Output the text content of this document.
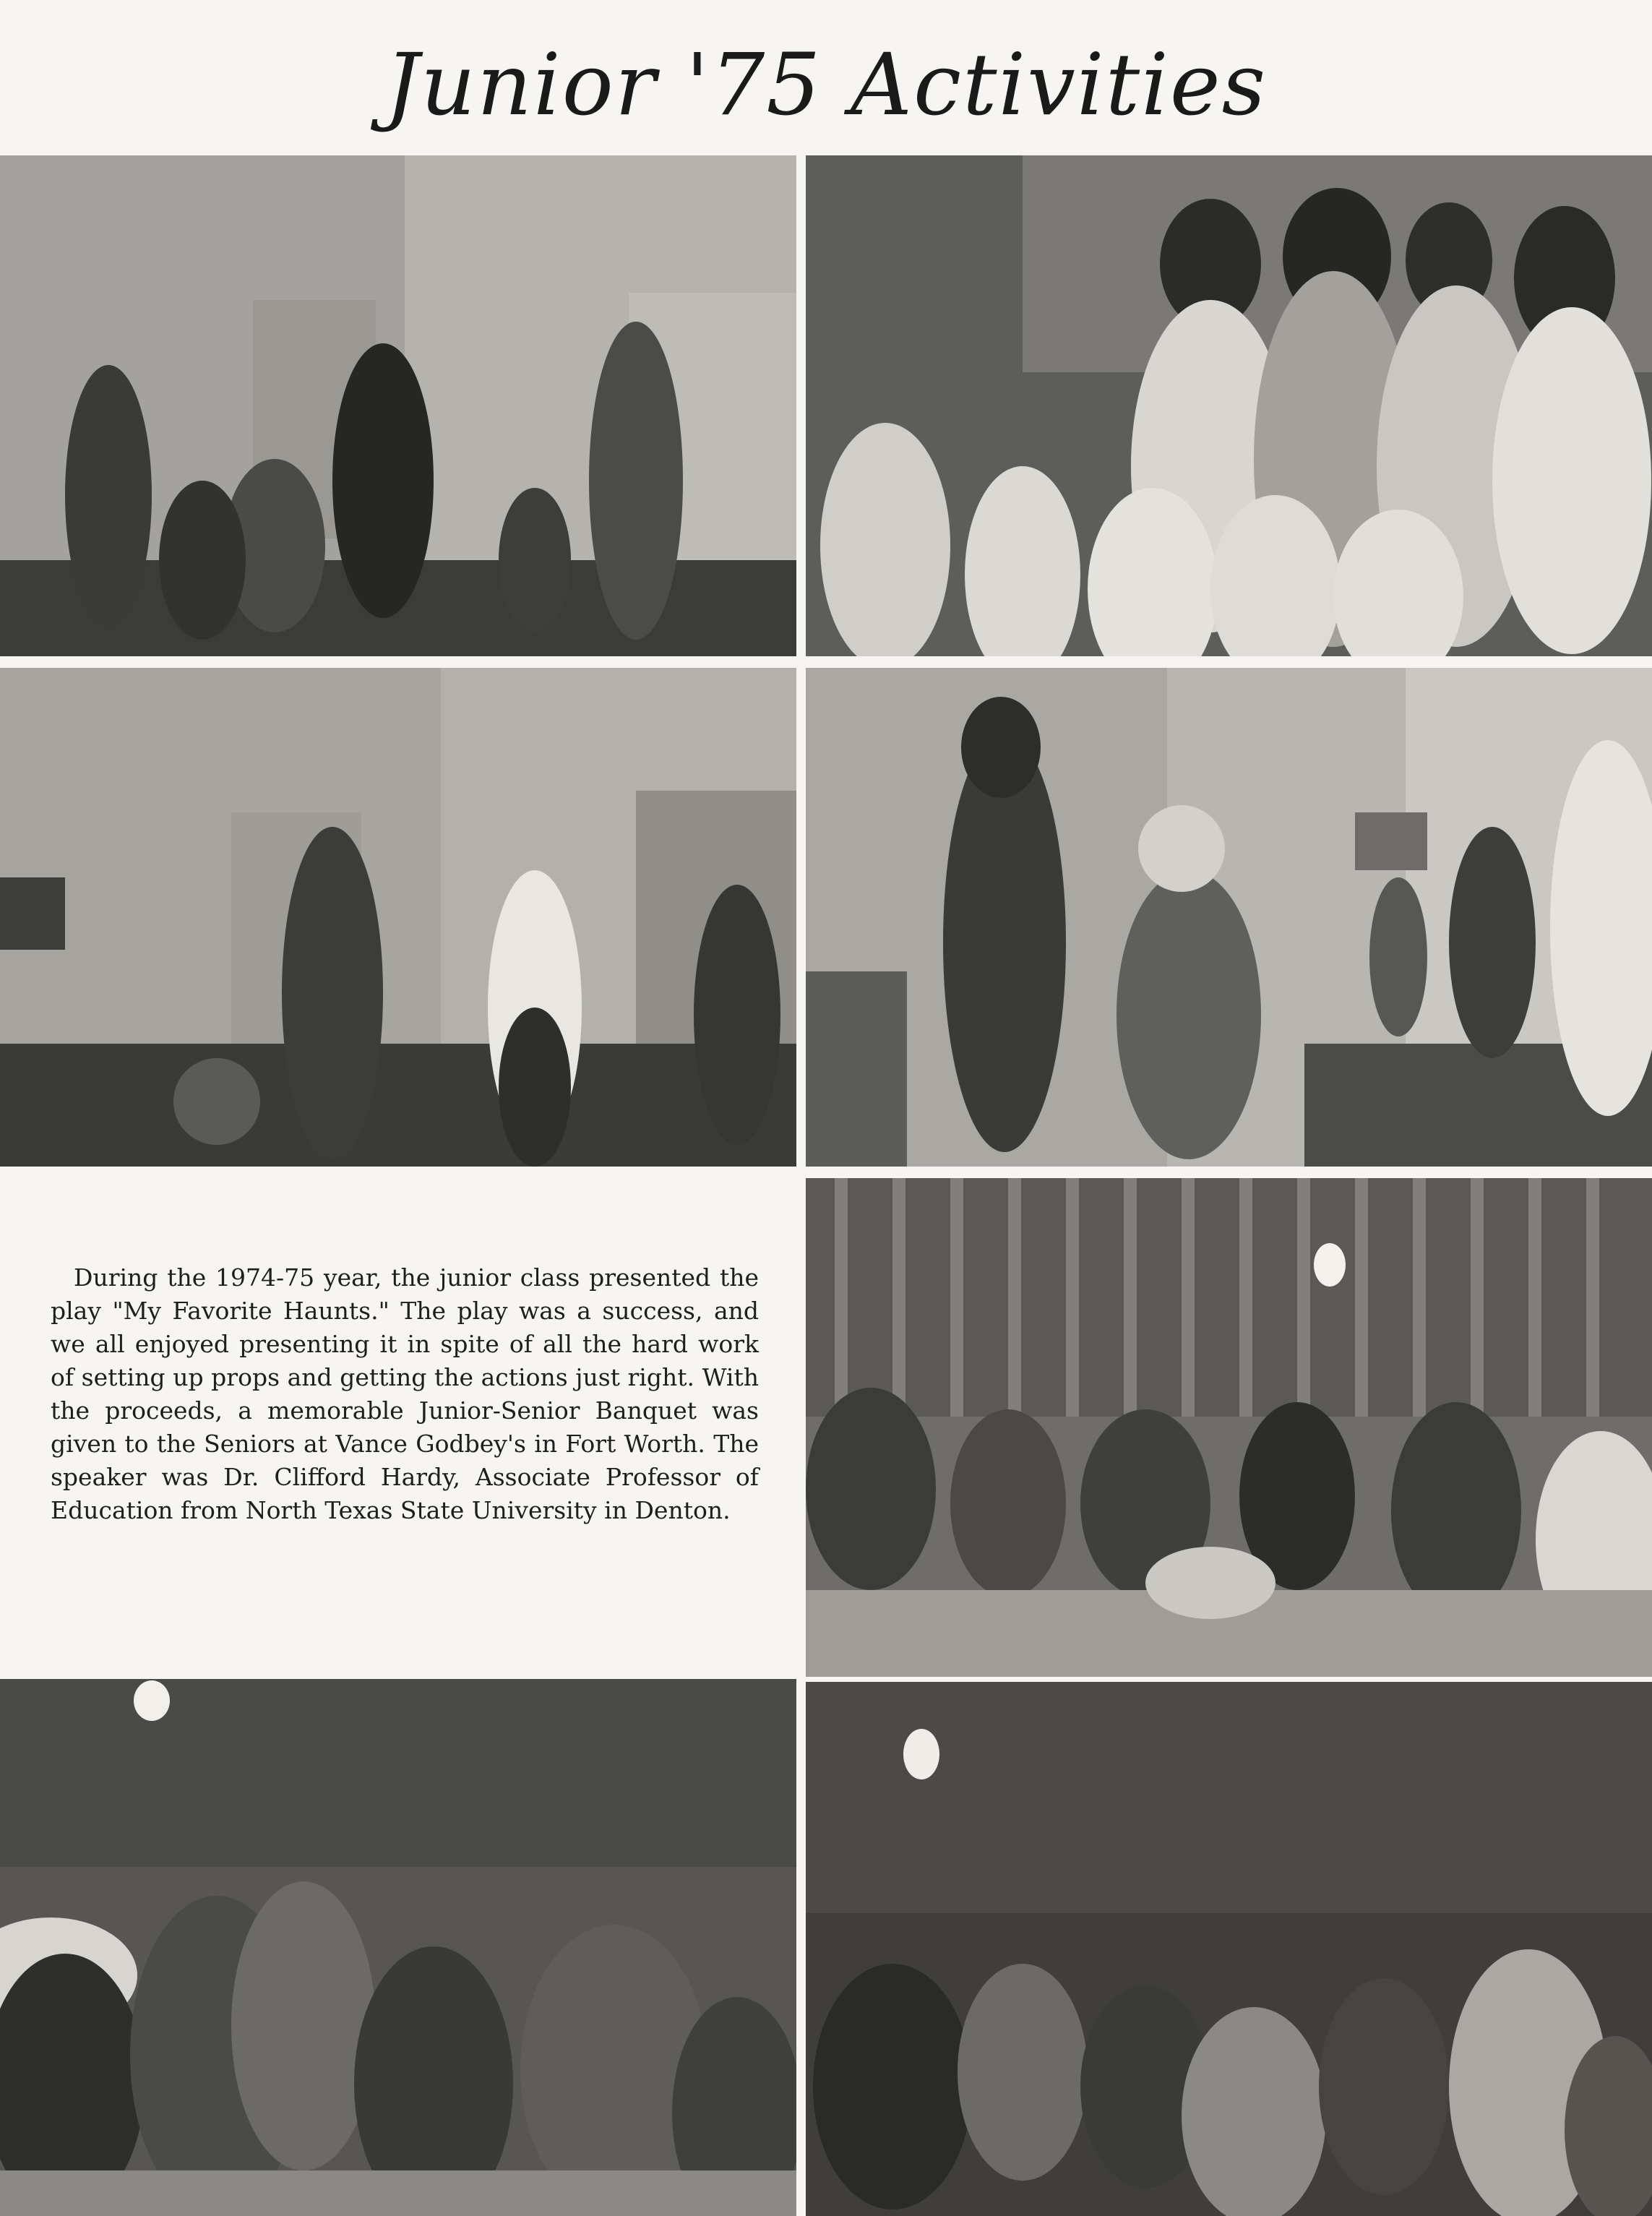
Junior '75 Activities

During the 1974-75 year, the junior class presented the play "My Favorite Haunts." The play was a success, and we all enjoyed presenting it in spite of all the hard work of setting up props and getting the actions just right. With the proceeds, a memorable Junior-Senior Banquet was given to the Seniors at Vance Godbey's in Fort Worth. The speaker was Dr. Clifford Hardy, Associate Professor of Education from North Texas State University in Denton.
